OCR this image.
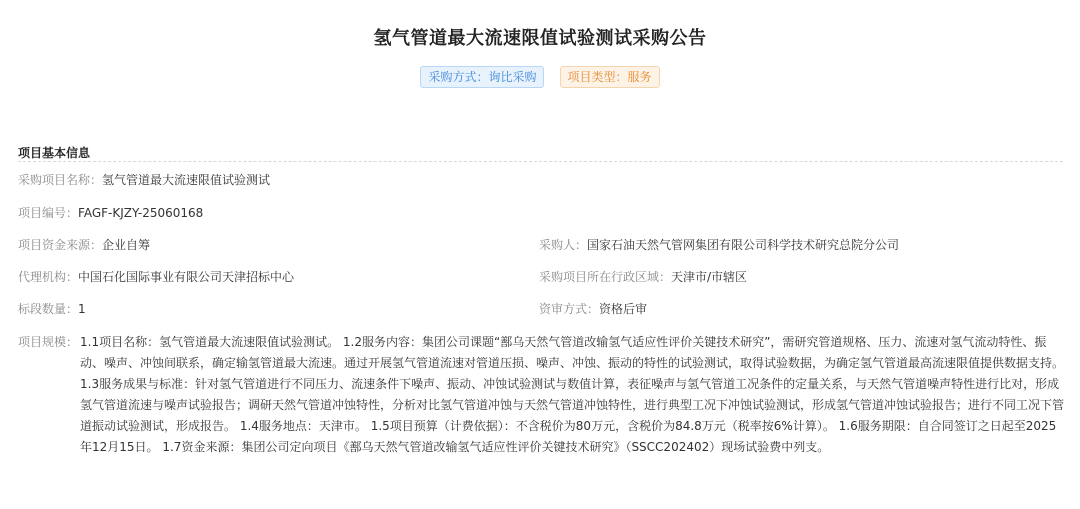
氢气管道最大流速限值试验测试采购公告
采购方式：询比采购	项目类型：服务
项目基本信息
采购项目名称：氢气管道最大流速限值试验测试
项目编号：FAGF-KJZY-25060168
项目资金来源：企业自筹	采购人：国家石油天然气管网集团有限公司科学技术研究总院分公司
代理机构：中国石化国际事业有限公司天津招标中心	采购项目所在行政区域：天津市/市辖区
标段数量：1	资审方式：资格后审
项目规模： 1.1项目名称：氢气管道最大流速限值试验测试。 1.2服务内容：集团公司课题“鄯乌天然气管道改输氢气适应性评价关键技术研究”，需研究管道规格、压力、流速对氢气流动特性、振动、噪声、冲蚀间联系，确定输氢管道最大流速。通过开展氢气管道流速对管道压损、噪声、冲蚀、振动的特性的试验测试，取得试验数据，为确定氢气管道最高流速限值提供数据支持。 1.3服务成果与标准：针对氢气管道进行不同压力、流速条件下噪声、振动、冲蚀试验测试与数值计算，表征噪声与氢气管道工况条件的定量关系，与天然气管道噪声特性进行比对，形成氢气管道流速与噪声试验报告；调研天然气管道冲蚀特性，分析对比氢气管道冲蚀与天然气管道冲蚀特性，进行典型工况下冲蚀试验测试，形成氢气管道冲蚀试验报告；进行不同工况下管道振动试验测试，形成报告。 1.4服务地点：天津市。 1.5项目预算（计费依据）：不含税价为80万元，含税价为84.8万元（税率按6%计算）。 1.6服务期限：自合同签订之日起至2025年12月15日。 1.7资金来源：集团公司定向项目《鄯乌天然气管道改输氢气适应性评价关键技术研究》（SSCC202402）现场试验费中列支。
